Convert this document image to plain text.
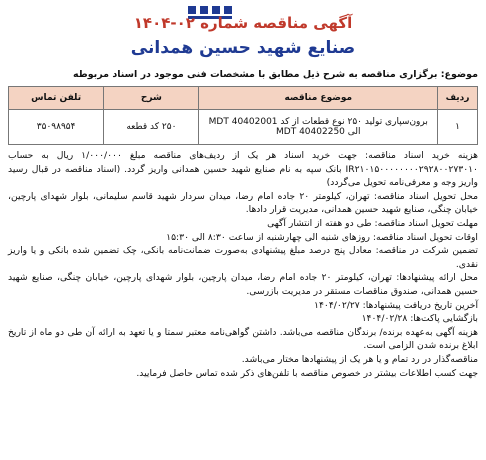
آگهی مناقصه شماره ۰۲-۱۴۰۴
صنایع شهید حسین همدانی
موضوع: برگزاری مناقصه به شرح ذیل مطابق با مشخصات فنی موجود در اسناد مربوطه
ردیف	موضوع مناقصه	شرح	تلفن تماس
۱	برون‌سپاری تولید ۲۵۰ نوع قطعات از کد MDT 40402001 الی MDT 40402250	۲۵۰ کد قطعه	۳۵۰۹۸۹۵۴

هزینه خرید اسناد مناقصه: جهت خرید اسناد هر یک از ردیف‌های مناقصه مبلغ ۱/۰۰۰/۰۰۰ ریال به حساب IR۲۱۰۱۵۰۰۰۰۰۰۰۰۲۹۲۸۰۰۲۷۳۰۱۰ بانک سپه به نام صنایع شهید حسین همدانی واریز گردد. (اسناد مناقصه در قبال رسید واریز وجه و معرفی‌نامه تحویل می‌گردد)

محل تحویل اسناد مناقصه: تهران، کیلومتر ۲۰ جاده امام رضا، میدان سردار شهید قاسم سلیمانی، بلوار شهدای پارچین، خیابان چنگی، صنایع شهید حسین همدانی، مدیریت قرار دادها.

مهلت تحویل اسناد مناقصه: طی دو هفته از انتشار آگهی

اوقات تحویل اسناد مناقصه: روزهای شنبه الی چهارشنبه از ساعت ۸:۳۰ الی ۱۵:۳۰

تضمین شرکت در مناقصه: معادل پنج درصد مبلغ پیشنهادی به‌صورت ضمانت‌نامه بانکی، چک تضمین شده بانکی و یا واریز نقدی.

محل ارائه پیشنهادها: تهران، کیلومتر ۲۰ جاده امام رضا، میدان پارچین، بلوار شهدای پارچین، خیابان چنگی، صنایع شهید حسین همدانی، صندوق مناقصات مستقر در مدیریت بازرسی.

آخرین تاریخ دریافت پیشنهادها: ۱۴۰۴/۰۲/۲۷

بازگشایی پاکت‌ها: ۱۴۰۴/۰۲/۲۸

هزینه آگهی به‌عهده برنده/ برندگان مناقصه می‌باشد. داشتن گواهی‌نامه معتبر سمتا و یا تعهد به ارائه آن طی دو ماه از تاریخ ابلاغ برنده شدن الزامی است.

مناقصه‌گذار در رد تمام و یا هر یک از پیشنهادها مختار می‌باشد.

جهت کسب اطلاعات بیشتر در خصوص مناقصه با تلفن‌های ذکر شده تماس حاصل فرمایید.
